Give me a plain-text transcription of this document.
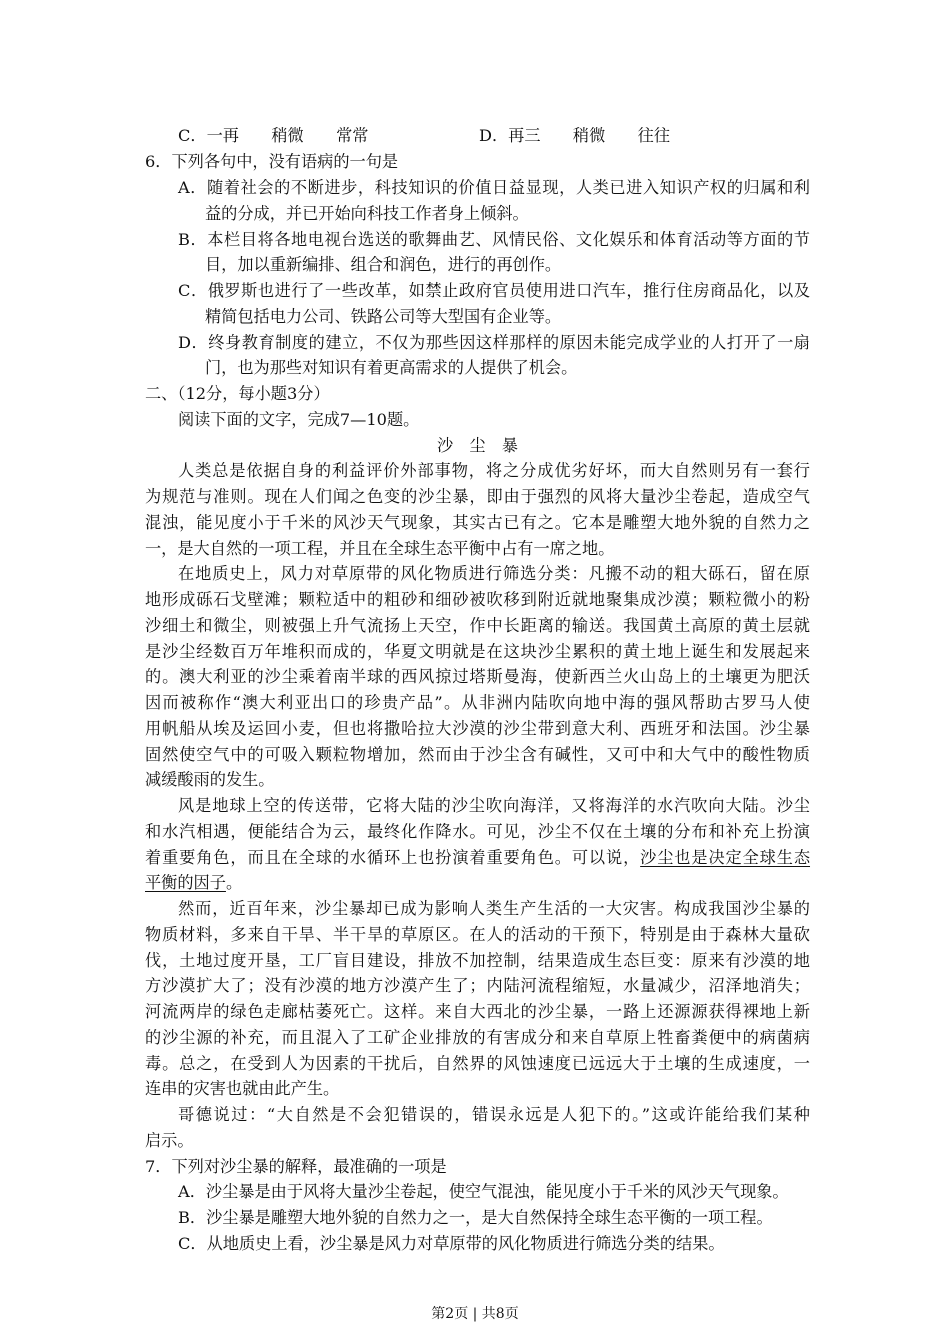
C．一再　　稍微　　常常	D．再三　　稍微　　往往
6．下列各句中，没有语病的一句是
A．随着社会的不断进步，科技知识的价值日益显现，人类已进入知识产权的归属和利
益的分成，并已开始向科技工作者身上倾斜。
B．本栏目将各地电视台选送的歌舞曲艺、风情民俗、文化娱乐和体育活动等方面的节
目，加以重新编排、组合和润色，进行的再创作。
C．俄罗斯也进行了一些改革，如禁止政府官员使用进口汽车，推行住房商品化，以及
精简包括电力公司、铁路公司等大型国有企业等。
D．终身教育制度的建立，不仅为那些因这样那样的原因未能完成学业的人打开了一扇
门，也为那些对知识有着更高需求的人提供了机会。
二、（12分，每小题3分）
阅读下面的文字，完成7—10题。
沙　尘　暴
人类总是依据自身的利益评价外部事物，将之分成优劣好坏，而大自然则另有一套行
为规范与准则。现在人们闻之色变的沙尘暴，即由于强烈的风将大量沙尘卷起，造成空气
混浊，能见度小于千米的风沙天气现象，其实古已有之。它本是雕塑大地外貌的自然力之
一，是大自然的一项工程，并且在全球生态平衡中占有一席之地。
在地质史上，风力对草原带的风化物质进行筛选分类：凡搬不动的粗大砾石，留在原
地形成砾石戈壁滩；颗粒适中的粗砂和细砂被吹移到附近就地聚集成沙漠；颗粒微小的粉
沙细土和微尘，则被强上升气流扬上天空，作中长距离的输送。我国黄土高原的黄土层就
是沙尘经数百万年堆积而成的，华夏文明就是在这块沙尘累积的黄土地上诞生和发展起来
的。澳大利亚的沙尘乘着南半球的西风掠过塔斯曼海，使新西兰火山岛上的土壤更为肥沃
因而被称作“澳大利亚出口的珍贵产品”。从非洲内陆吹向地中海的强风帮助古罗马人使
用帆船从埃及运回小麦，但也将撒哈拉大沙漠的沙尘带到意大利、西班牙和法国。沙尘暴
固然使空气中的可吸入颗粒物增加，然而由于沙尘含有碱性，又可中和大气中的酸性物质
减缓酸雨的发生。
风是地球上空的传送带，它将大陆的沙尘吹向海洋，又将海洋的水汽吹向大陆。沙尘
和水汽相遇，便能结合为云，最终化作降水。可见，沙尘不仅在土壤的分布和补充上扮演
着重要角色，而且在全球的水循环上也扮演着重要角色。可以说，沙尘也是决定全球生态
平衡的因子。
然而，近百年来，沙尘暴却已成为影响人类生产生活的一大灾害。构成我国沙尘暴的
物质材料，多来自干旱、半干旱的草原区。在人的活动的干预下，特别是由于森林大量砍
伐，土地过度开垦，工厂盲目建设，排放不加控制，结果造成生态巨变：原来有沙漠的地
方沙漠扩大了；没有沙漠的地方沙漠产生了；内陆河流程缩短，水量减少，沼泽地消失；
河流两岸的绿色走廊枯萎死亡。这样。来自大西北的沙尘暴，一路上还源源获得裸地上新
的沙尘源的补充，而且混入了工矿企业排放的有害成分和来自草原上牲畜粪便中的病菌病
毒。总之，在受到人为因素的干扰后，自然界的风蚀速度已远远大于土壤的生成速度，一
连串的灾害也就由此产生。
哥德说过：“大自然是不会犯错误的，错误永远是人犯下的。”这或许能给我们某种
启示。
7．下列对沙尘暴的解释，最准确的一项是
A．沙尘暴是由于风将大量沙尘卷起，使空气混浊，能见度小于千米的风沙天气现象。
B．沙尘暴是雕塑大地外貌的自然力之一，是大自然保持全球生态平衡的一项工程。
C．从地质史上看，沙尘暴是风力对草原带的风化物质进行筛选分类的结果。
第2页 | 共8页
